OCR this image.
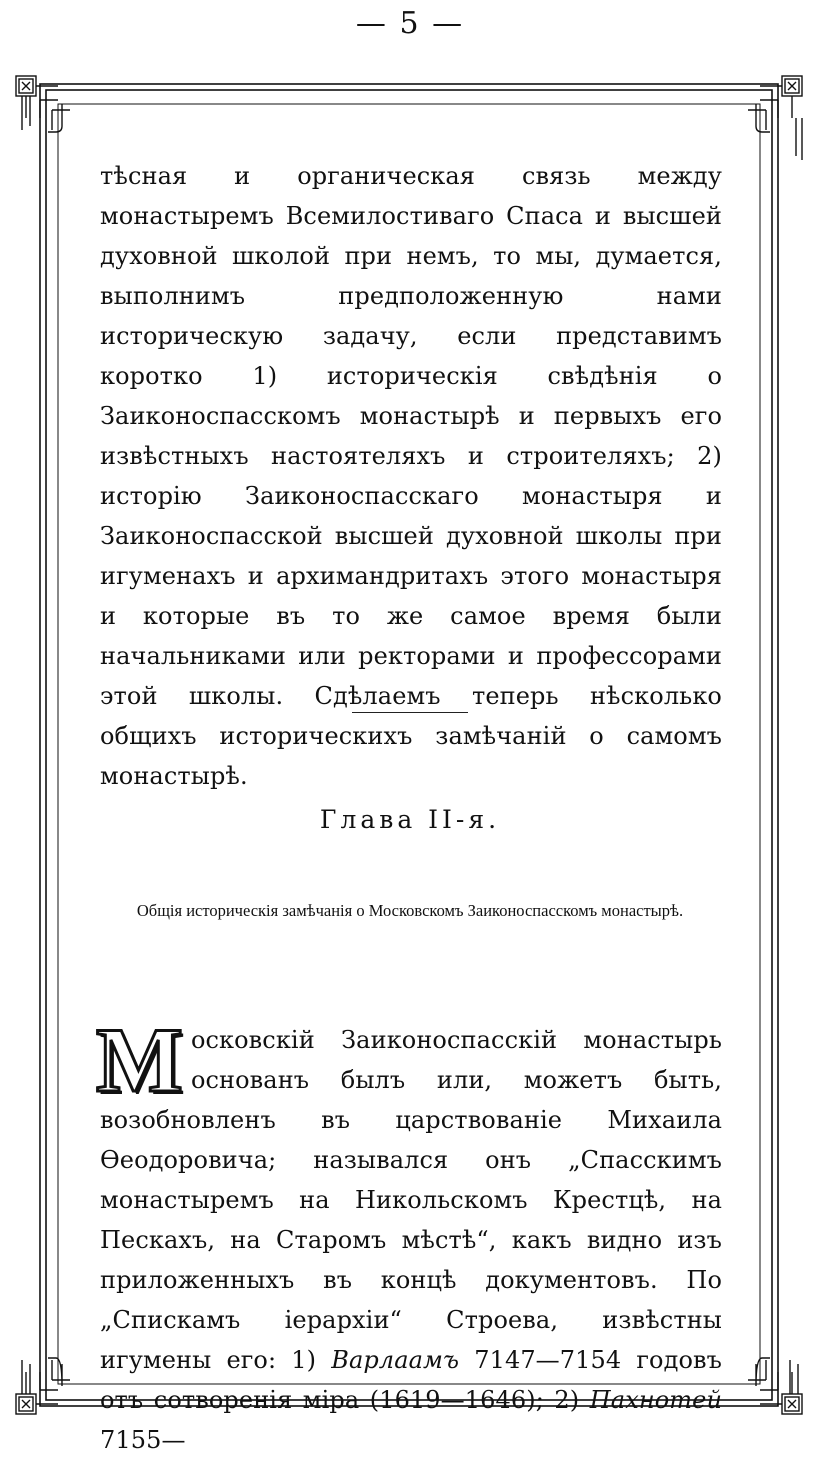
— 5 —

тѣсная и органическая связь между монастыремъ Всемилостиваго Спаса и высшей духовной школой при немъ, то мы, думается, выполнимъ предположенную нами историческую задачу, если представимъ коротко 1) историческія свѣдѣнія о Заиконоспасскомъ монастырѣ и первыхъ его извѣстныхъ настоятеляхъ и строителяхъ; 2) исторію Заиконоспасскаго монастыря и Заиконоспасской высшей духовной школы при игуменахъ и архимандритахъ этого монастыря и которые въ то же самое время были начальниками или ректорами и профессорами этой школы. Сдѣлаемъ теперь нѣсколько общихъ историческихъ замѣчаній о самомъ монастырѣ.

Глава II-я.
Общія историческія замѣчанія о Московскомъ Заиконоспасскомъ монастырѣ.

Московскій Заиконоспасскій монастырь основанъ былъ или, можетъ быть, возобновленъ въ царствованіе Михаила Ѳеодоровича; назывался онъ „Спасскимъ монастыремъ на Никольскомъ Крестцѣ, на Пескахъ, на Старомъ мѣстѣ“, какъ видно изъ приложенныхъ въ концѣ документовъ. По „Спискамъ іерархіи“ Строева, извѣстны игумены его: 1) Варлаамъ 7147—7154 годовъ отъ сотворенія міра (1619—1646); 2) Пахнотей 7155—
